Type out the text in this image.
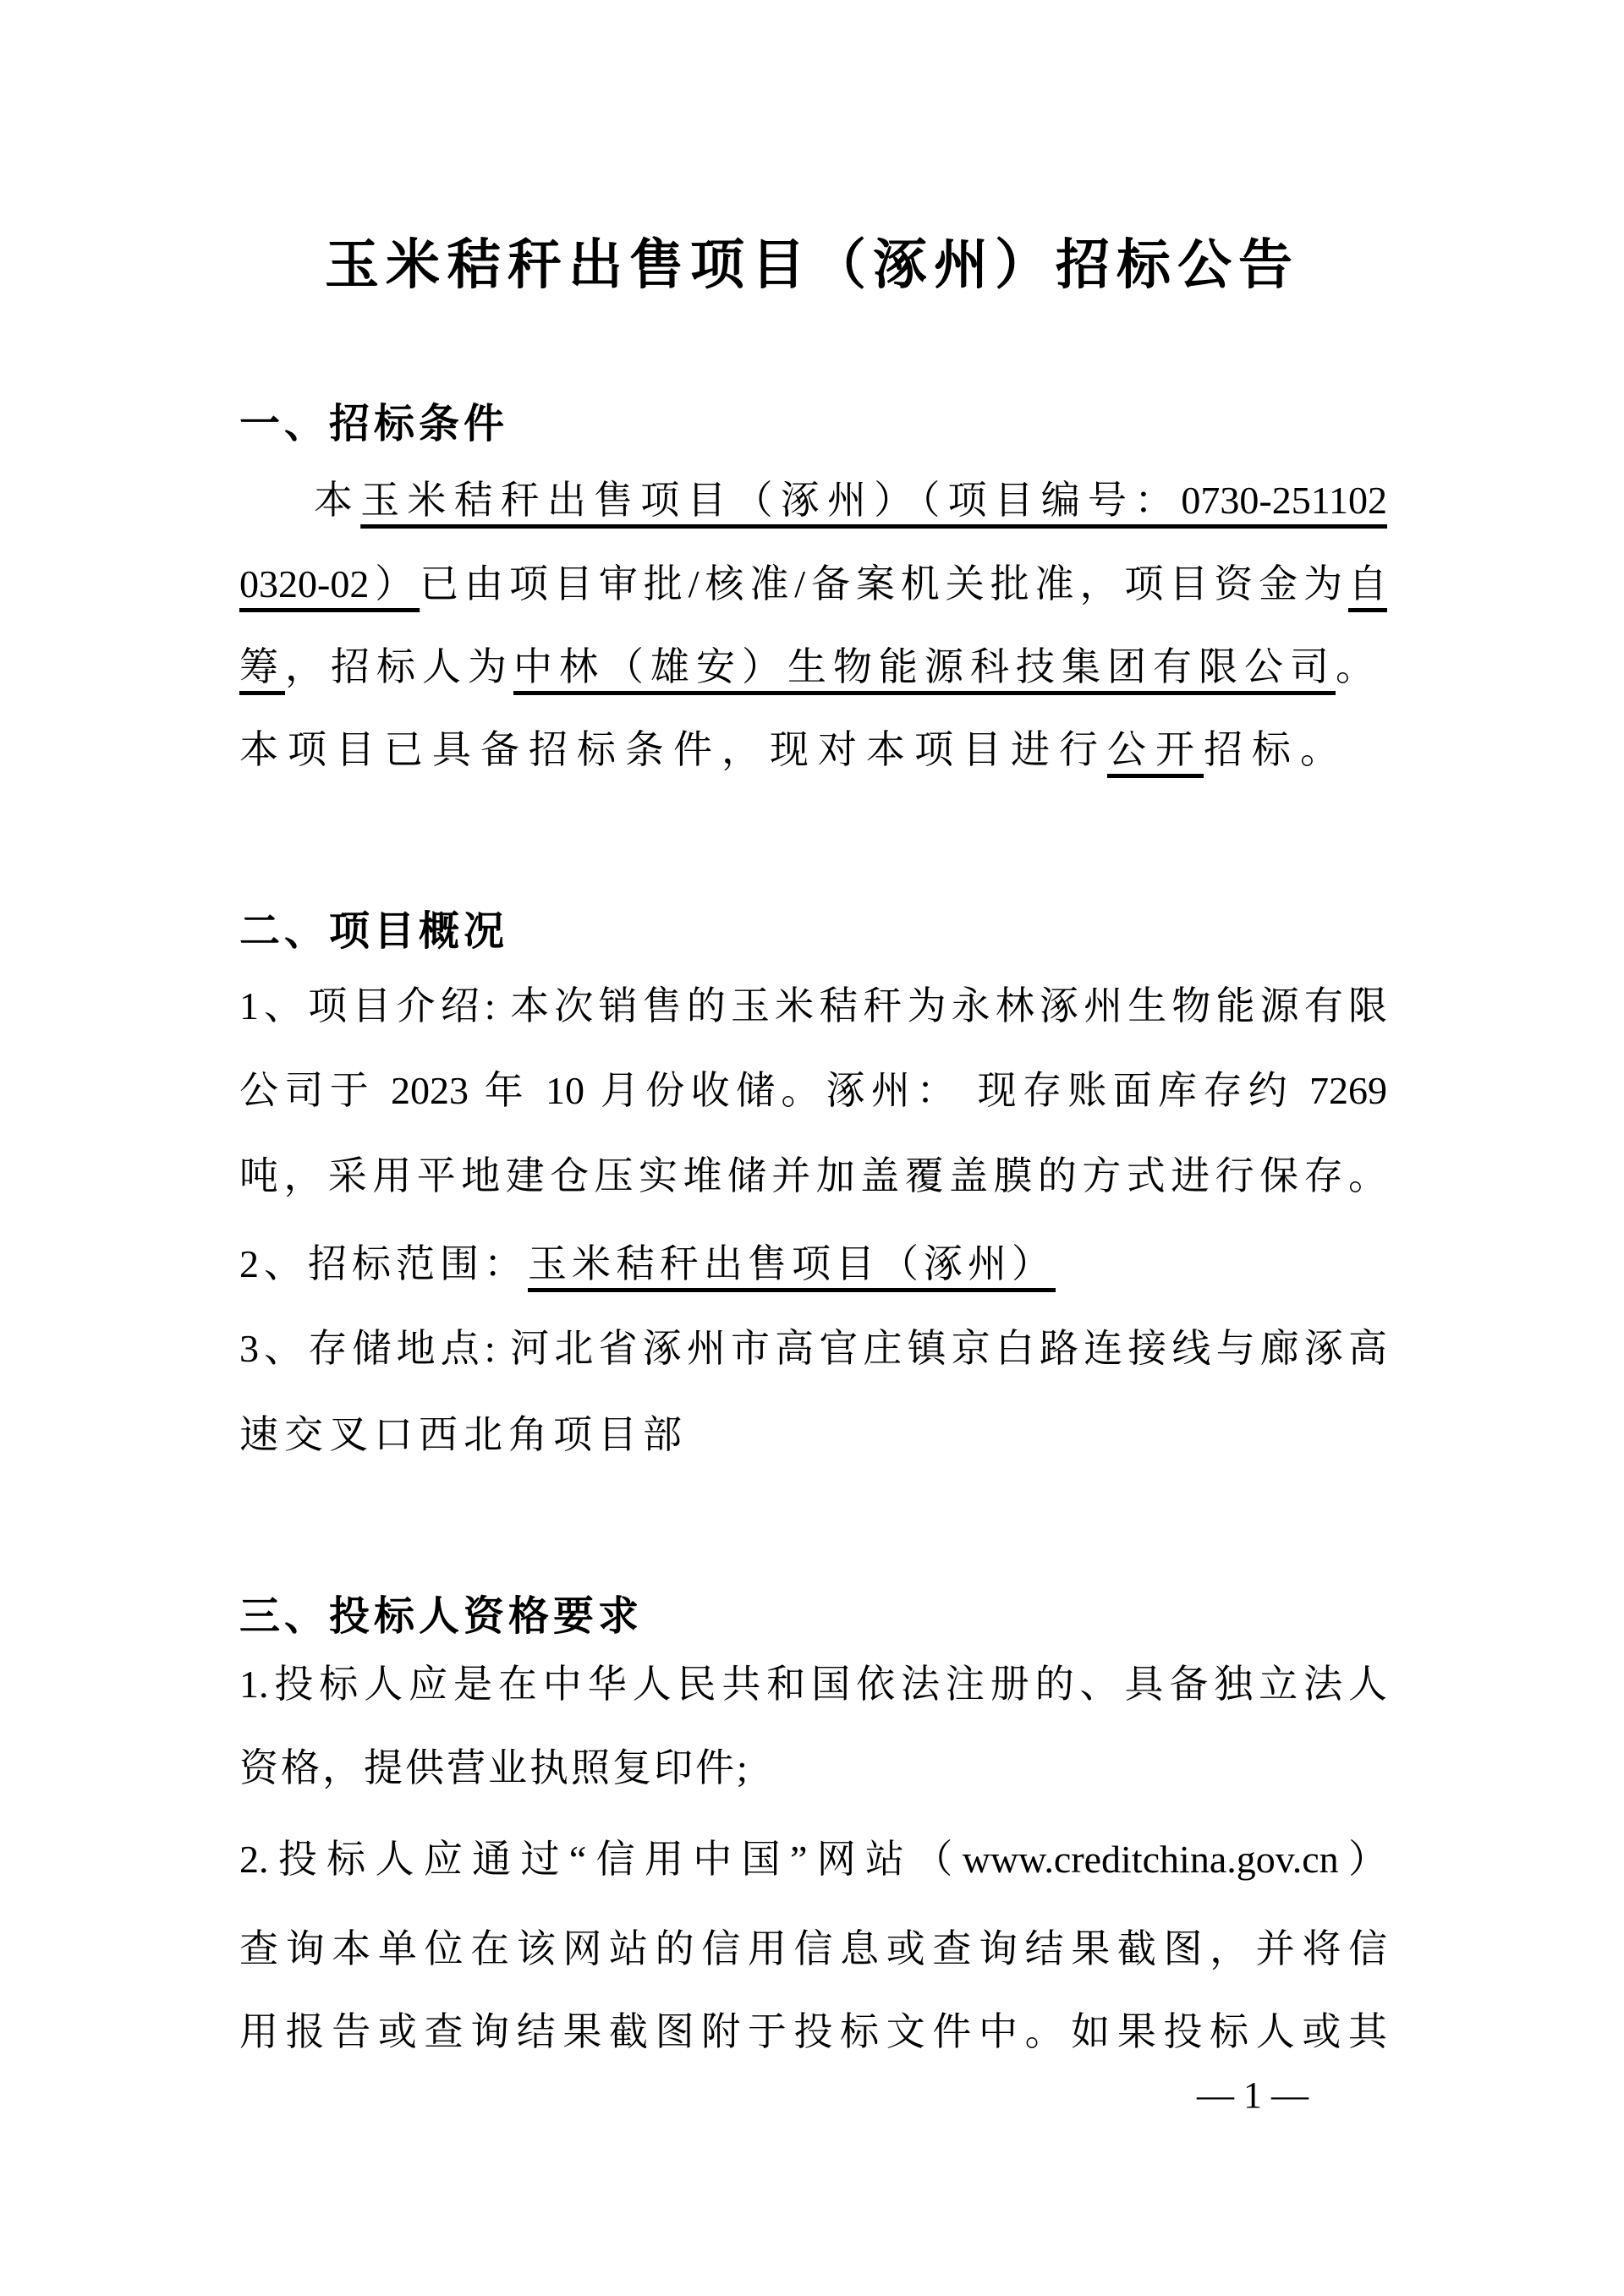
玉米秸秆出售项目（涿州）招标公告
一、招标条件
本玉米秸秆出售项目（涿州）（项目编号：0730-251102
0320-02）已由项目审批/核准/备案机关批准，项目资金为自
筹，招标人为中林（雄安）生物能源科技集团有限公司。
本项目已具备招标条件，现对本项目进行公开招标。
二、项目概况
1、项目介绍: 本次销售的玉米秸秆为永林涿州生物能源有限
公司于 2023 年 10 月份收储。涿州： 现存账面库存约 7269
吨，采用平地建仓压实堆储并加盖覆盖膜的方式进行保存。
2、招标范围：玉米秸秆出售项目（涿州）
3、存储地点: 河北省涿州市高官庄镇京白路连接线与廊涿高
速交叉口西北角项目部
三、投标人资格要求
1.投标人应是在中华人民共和国依法注册的、具备独立法人
资格，提供营业执照复印件;
2.投标人应通过“信用中国”网站（www.creditchina.gov.cn）
查询本单位在该网站的信用信息或查询结果截图，并将信
用报告或查询结果截图附于投标文件中。如果投标人或其
— 1 —
